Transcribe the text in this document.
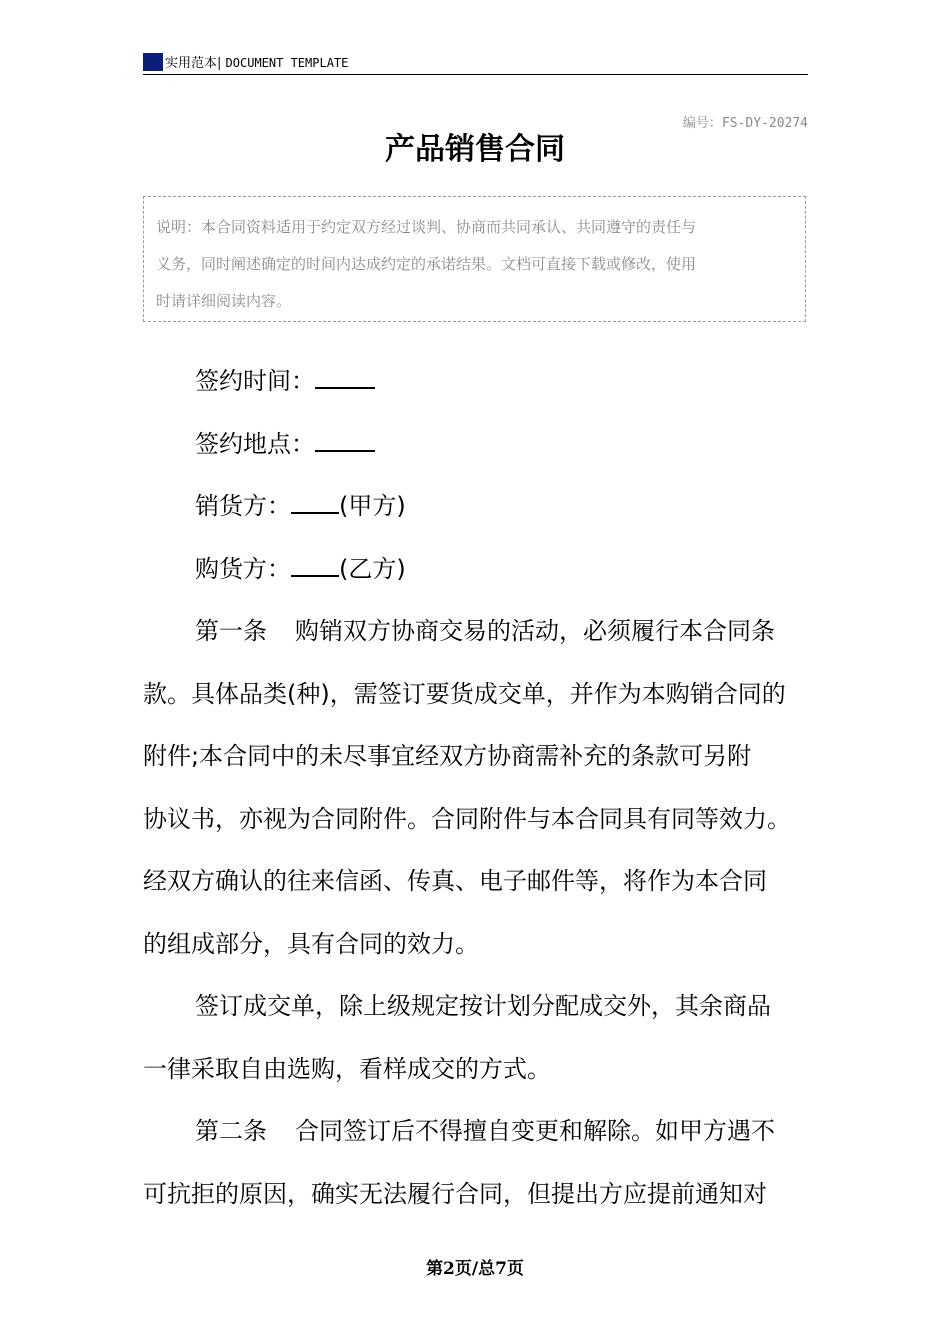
实用范本| DOCUMENT TEMPLATE
编号：FS-DY-20274
产品销售合同

说明：本合同资料适用于约定双方经过谈判、协商而共同承认、共同遵守的责任与

义务，同时阐述确定的时间内达成约定的承诺结果。文档可直接下载或修改，使用

时请详细阅读内容。

签约时间：

签约地点：

销货方： (甲方)

购货方： (乙方)

第一条 购销双方协商交易的活动，必须履行本合同条

款。具体品类(种)，需签订要货成交单，并作为本购销合同的

附件;本合同中的未尽事宜经双方协商需补充的条款可另附

协议书，亦视为合同附件。合同附件与本合同具有同等效力。

经双方确认的往来信函、传真、电子邮件等，将作为本合同

的组成部分，具有合同的效力。

签订成交单，除上级规定按计划分配成交外，其余商品

一律采取自由选购，看样成交的方式。

第二条 合同签订后不得擅自变更和解除。如甲方遇不

可抗拒的原因，确实无法履行合同，但提出方应提前通知对

第2页/总7页
